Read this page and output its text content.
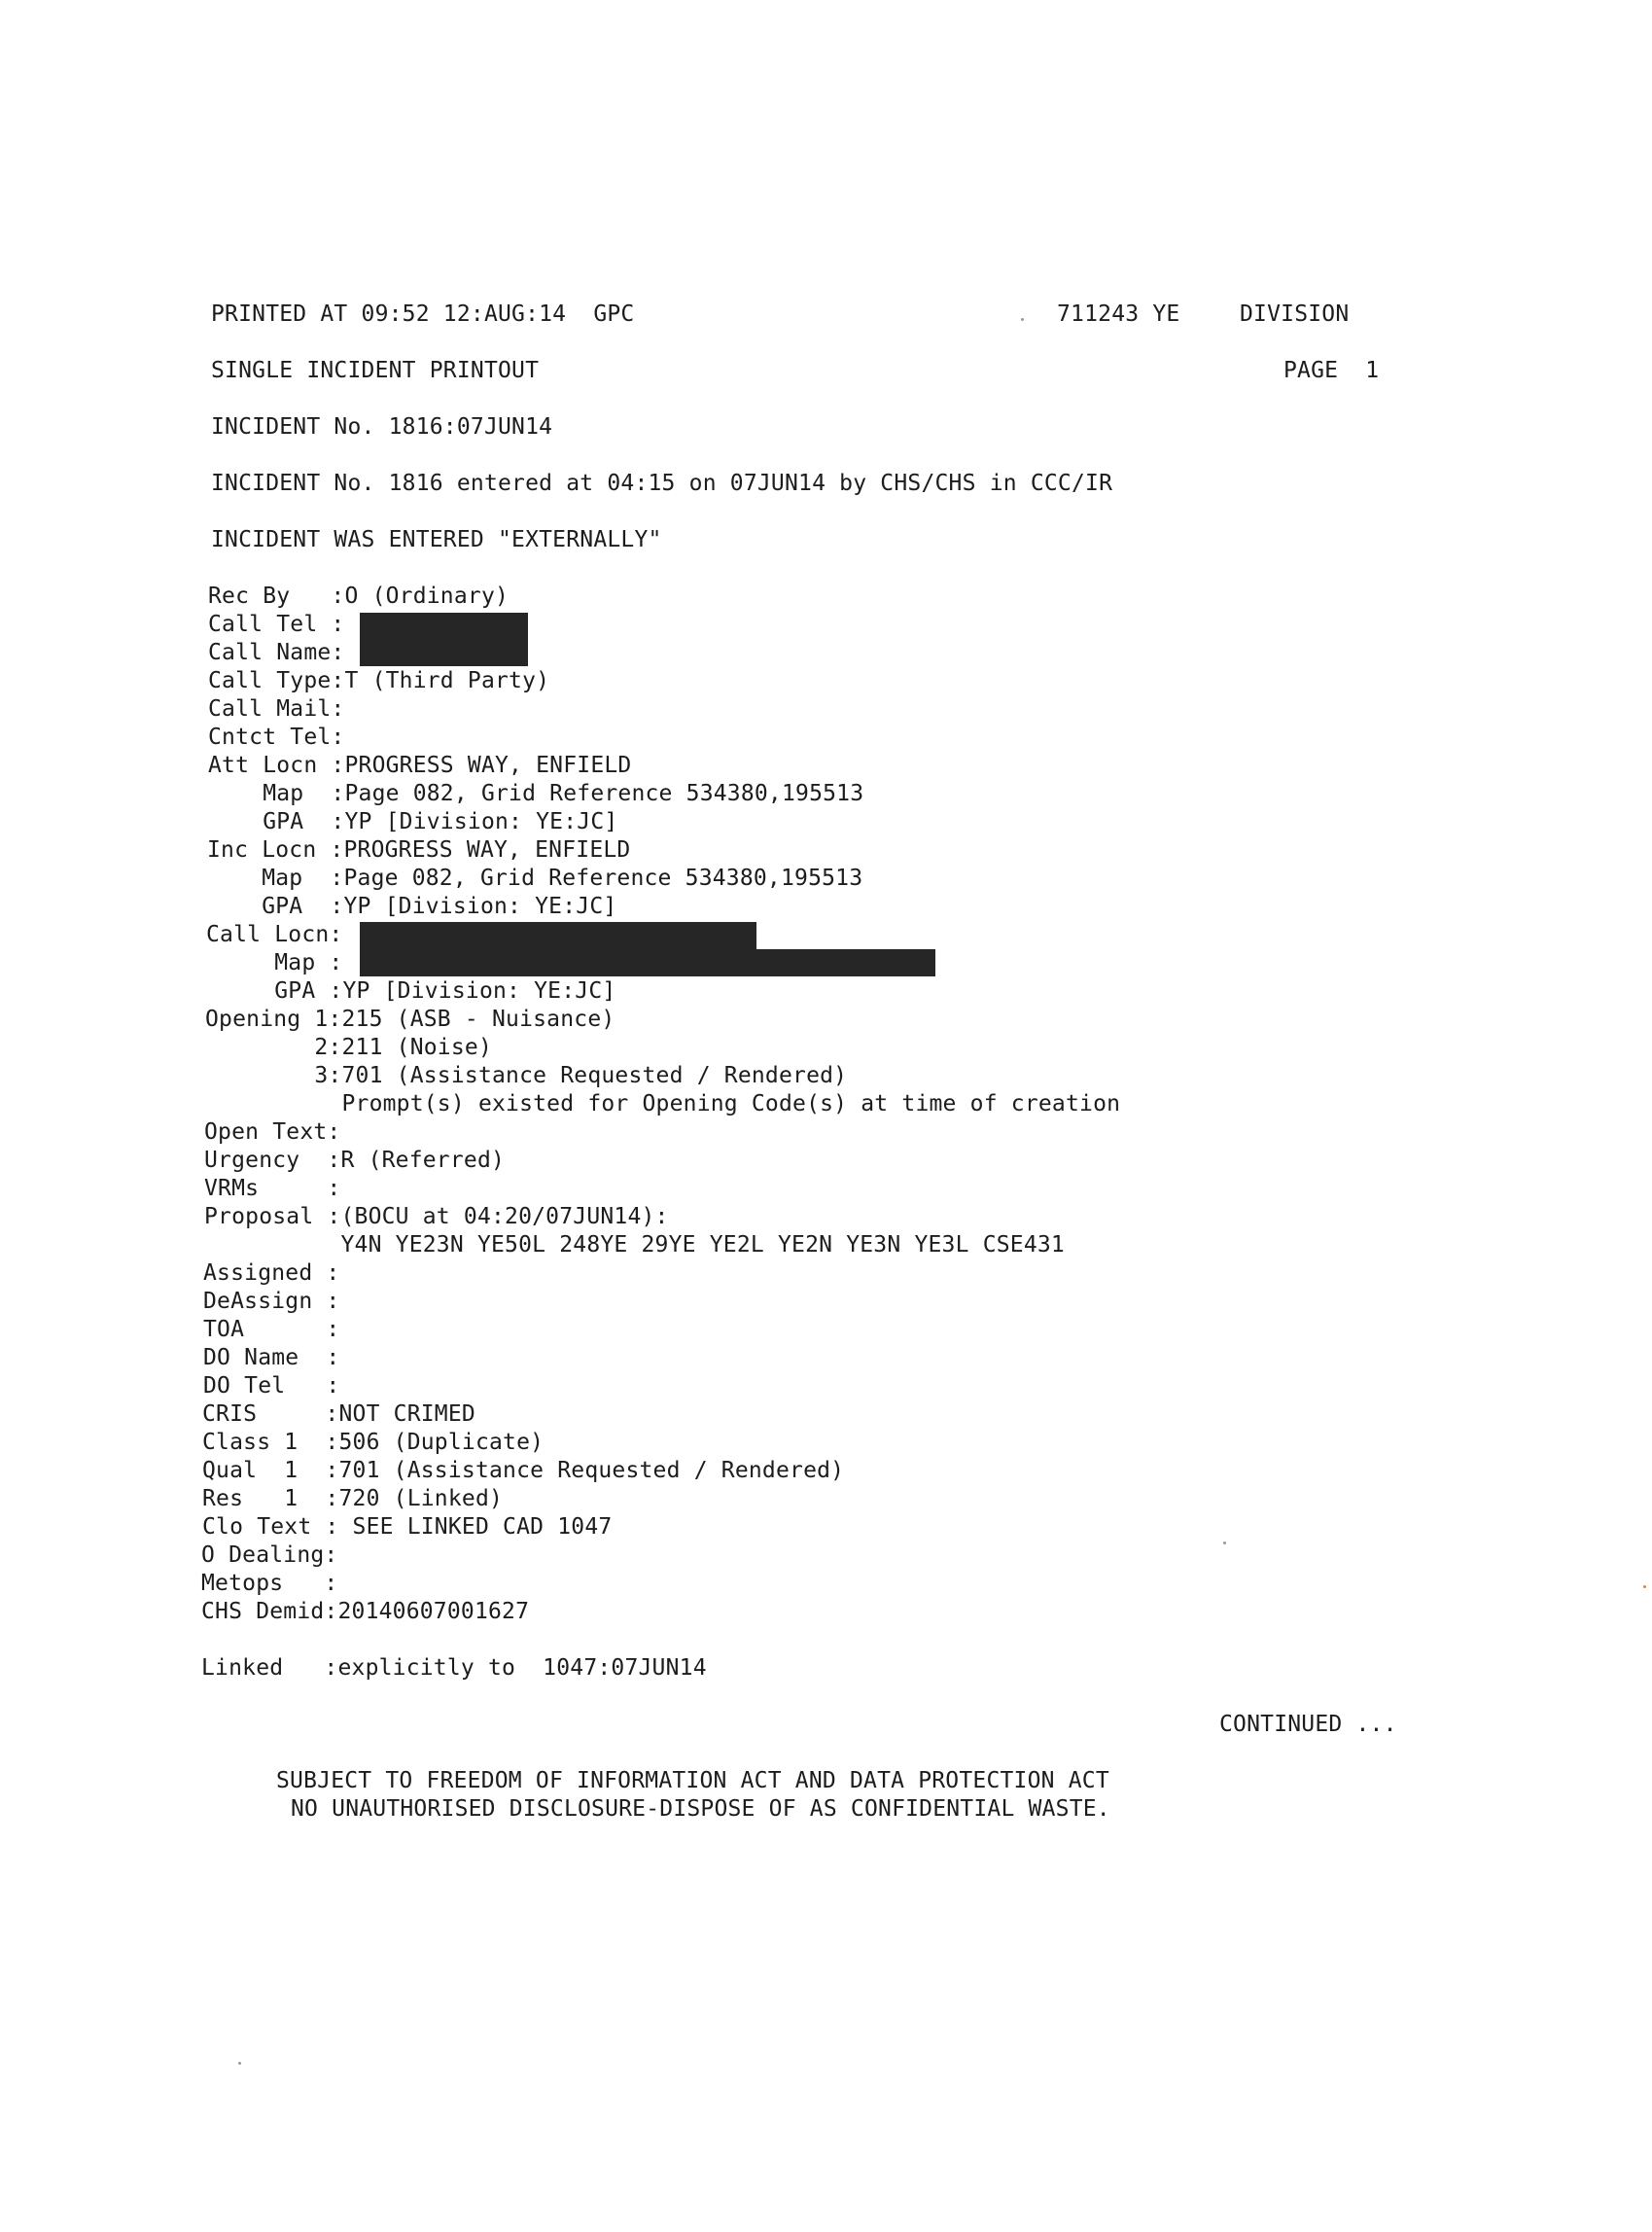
PRINTED AT 09:52 12:AUG:14  GPC	711243 YE	DIVISION
SINGLE INCIDENT PRINTOUT	PAGE  1
INCIDENT No. 1816:07JUN14
INCIDENT No. 1816 entered at 04:15 on 07JUN14 by CHS/CHS in CCC/IR
INCIDENT WAS ENTERED "EXTERNALLY"
Rec By   :O (Ordinary)
Call Tel :
Call Name:
Call Type:T (Third Party)
Call Mail:
Cntct Tel:
Att Locn :PROGRESS WAY, ENFIELD
Map  :Page 082, Grid Reference 534380,195513
GPA  :YP [Division: YE:JC]
Inc Locn :PROGRESS WAY, ENFIELD
Map  :Page 082, Grid Reference 534380,195513
GPA  :YP [Division: YE:JC]
Call Locn:
Map :
GPA :YP [Division: YE:JC]
Opening 1:215 (ASB - Nuisance)
2:211 (Noise)
3:701 (Assistance Requested / Rendered)
Prompt(s) existed for Opening Code(s) at time of creation
Open Text:
Urgency  :R (Referred)
VRMs     :
Proposal :(BOCU at 04:20/07JUN14):
Y4N YE23N YE50L 248YE 29YE YE2L YE2N YE3N YE3L CSE431
Assigned :
DeAssign :
TOA      :
DO Name  :
DO Tel   :
CRIS     :NOT CRIMED
Class 1  :506 (Duplicate)
Qual  1  :701 (Assistance Requested / Rendered)
Res   1  :720 (Linked)
Clo Text : SEE LINKED CAD 1047
O Dealing:
Metops   :
CHS Demid:20140607001627
Linked   :explicitly to  1047:07JUN14
CONTINUED ...
SUBJECT TO FREEDOM OF INFORMATION ACT AND DATA PROTECTION ACT
NO UNAUTHORISED DISCLOSURE-DISPOSE OF AS CONFIDENTIAL WASTE.
